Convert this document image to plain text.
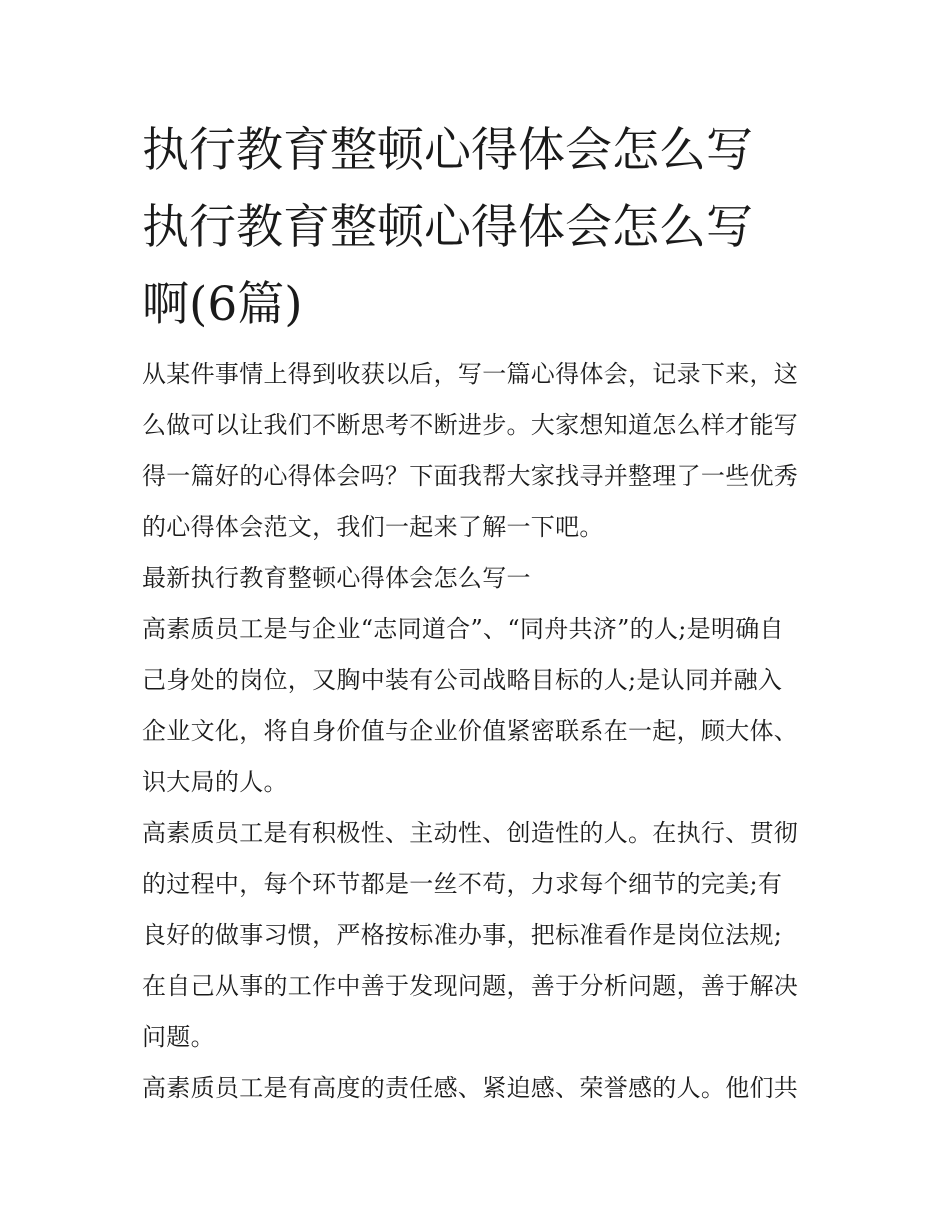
执行教育整顿心得体会怎么写
执行教育整顿心得体会怎么写
啊(6篇)

从某件事情上得到收获以后，写一篇心得体会，记录下来，这
么做可以让我们不断思考不断进步。大家想知道怎么样才能写
得一篇好的心得体会吗？下面我帮大家找寻并整理了一些优秀
的心得体会范文，我们一起来了解一下吧。

最新执行教育整顿心得体会怎么写一

高素质员工是与企业“志同道合”、“同舟共济”的人;是明确自
己身处的岗位，又胸中装有公司战略目标的人;是认同并融入
企业文化，将自身价值与企业价值紧密联系在一起，顾大体、
识大局的人。

高素质员工是有积极性、主动性、创造性的人。在执行、贯彻
的过程中，每个环节都是一丝不苟，力求每个细节的完美;有
良好的做事习惯，严格按标准办事，把标准看作是岗位法规;
在自己从事的工作中善于发现问题，善于分析问题，善于解决
问题。

高素质员工是有高度的责任感、紧迫感、荣誉感的人。他们共
